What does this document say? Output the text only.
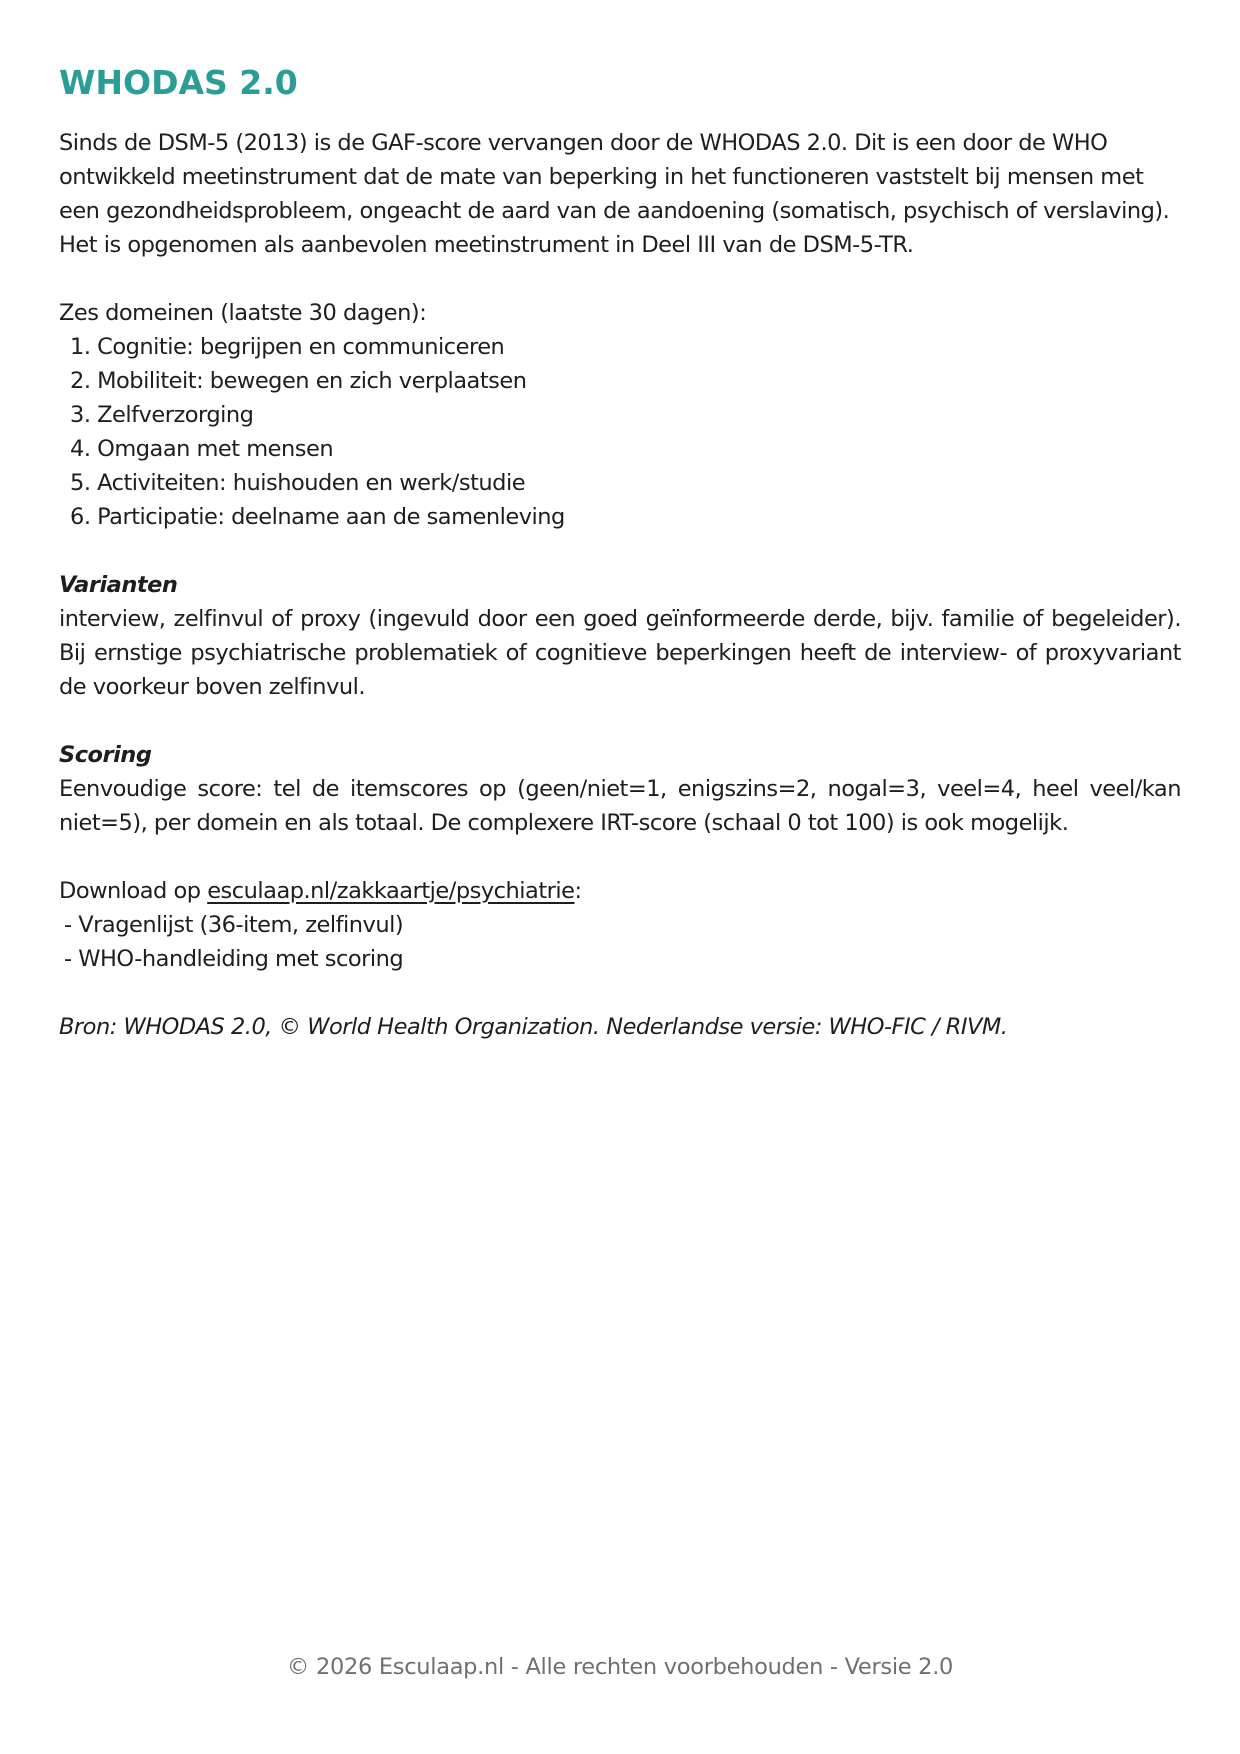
WHODAS 2.0

Sinds de DSM-5 (2013) is de GAF-score vervangen door de WHODAS 2.0. Dit is een door de WHO ontwikkeld meetinstrument dat de mate van beperking in het functioneren vaststelt bij mensen met een gezondheidsprobleem, ongeacht de aard van de aandoening (somatisch, psychisch of verslaving). Het is opgenomen als aanbevolen meetinstrument in Deel III van de DSM-5-TR.

Zes domeinen (laatste 30 dagen):

1. Cognitie: begrijpen en communiceren
2. Mobiliteit: bewegen en zich verplaatsen
3. Zelfverzorging
4. Omgaan met mensen
5. Activiteiten: huishouden en werk/studie
6. Participatie: deelname aan de samenleving

Varianten

interview, zelfinvul of proxy (ingevuld door een goed geïnformeerde derde, bijv. familie of begeleider). Bij ernstige psychiatrische problematiek of cognitieve beperkingen heeft de interview- of proxyvariant de voorkeur boven zelfinvul.

Scoring

Eenvoudige score: tel de itemscores op (geen/niet=1, enigszins=2, nogal=3, veel=4, heel veel/kan niet=5), per domein en als totaal. De complexere IRT-score (schaal 0 tot 100) is ook mogelijk.

Download op esculaap.nl/zakkaartje/psychiatrie:

- Vragenlijst (36-item, zelfinvul)
- WHO-handleiding met scoring

Bron: WHODAS 2.0, © World Health Organization. Nederlandse versie: WHO-FIC / RIVM.

© 2026 Esculaap.nl - Alle rechten voorbehouden - Versie 2.0
